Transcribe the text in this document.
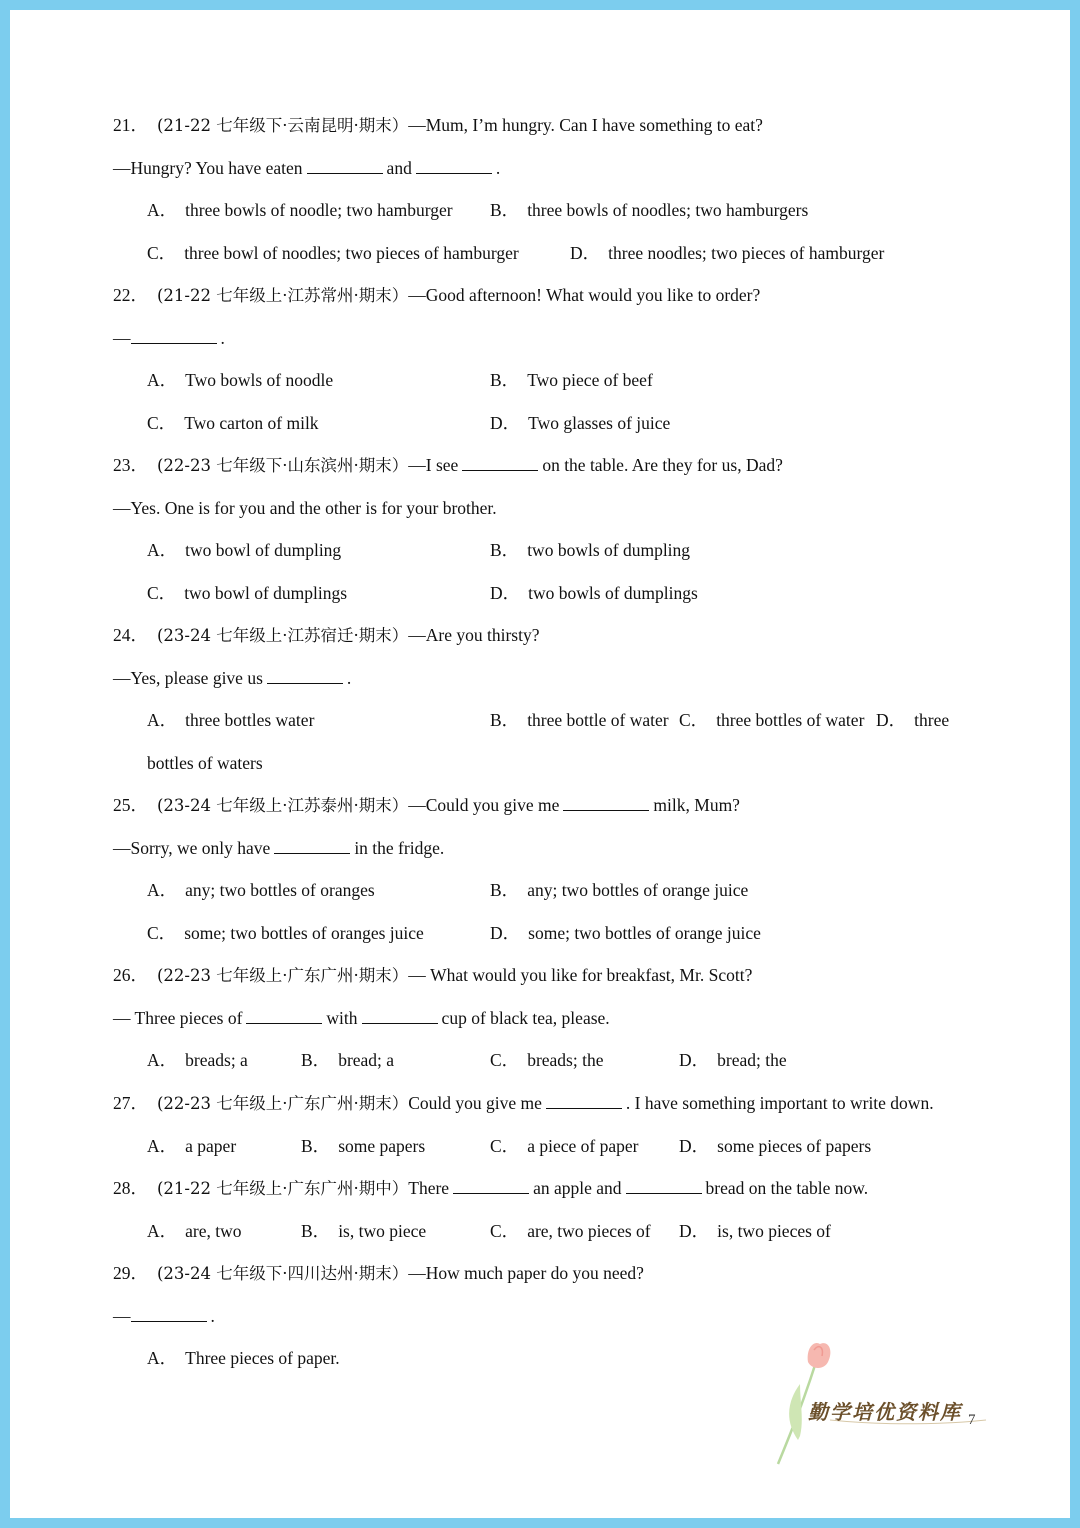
21． (21-22 七年级下·云南昆明·期末）—Mum, I’m hungry. Can I have something to eat?
—Hungry? You have eaten	and	.
A． three bowls of noodle; two hamburger B． three bowls of noodles; two hamburgers
C． three bowl of noodles; two pieces of hamburger	D． three noodles; two pieces of hamburger
22． (21-22 七年级上·江苏常州·期末）—Good afternoon! What would you like to order?
—	.
A． Two bowls of noodle	B． Two piece of beef
C． Two carton of milk	D． Two glasses of juice
23． (22-23 七年级下·山东滨州·期末）—I see	on the table. Are they for us, Dad?
—Yes. One is for you and the other is for your brother.
A． two bowl of dumpling	B． two bowls of dumpling
C． two bowl of dumplings	D． two bowls of dumplings
24． (23-24 七年级上·江苏宿迁·期末）—Are you thirsty?
—Yes, please give us	.
A． three bottles water	B． three bottle of water C． three bottles of water D． three
bottles of waters
25． (23-24 七年级上·江苏泰州·期末）—Could you give me	milk, Mum?
—Sorry, we only have	in the fridge.
A． any; two bottles of oranges	B． any; two bottles of orange juice
C． some; two bottles of oranges juice	D． some; two bottles of orange juice
26． (22-23 七年级上·广东广州·期末）— What would you like for breakfast, Mr. Scott?
— Three pieces of	with	cup of black tea, please.
A． breads; a	B． bread; a	C． breads; the	D． bread; the
27． (22-23 七年级上·广东广州·期末）Could you give me	. I have something important to write down.
A． a paper	B． some papers	C． a piece of paper D． some pieces of papers
28． (21-22 七年级上·广东广州·期中）There	an apple and	bread on the table now.
A． are, two	B． is, two piece	C． are, two pieces of D． is, two pieces of
29． (23-24 七年级下·四川达州·期末）—How much paper do you need?
—	.
A． Three pieces of paper.
勤学培优资料库 7
